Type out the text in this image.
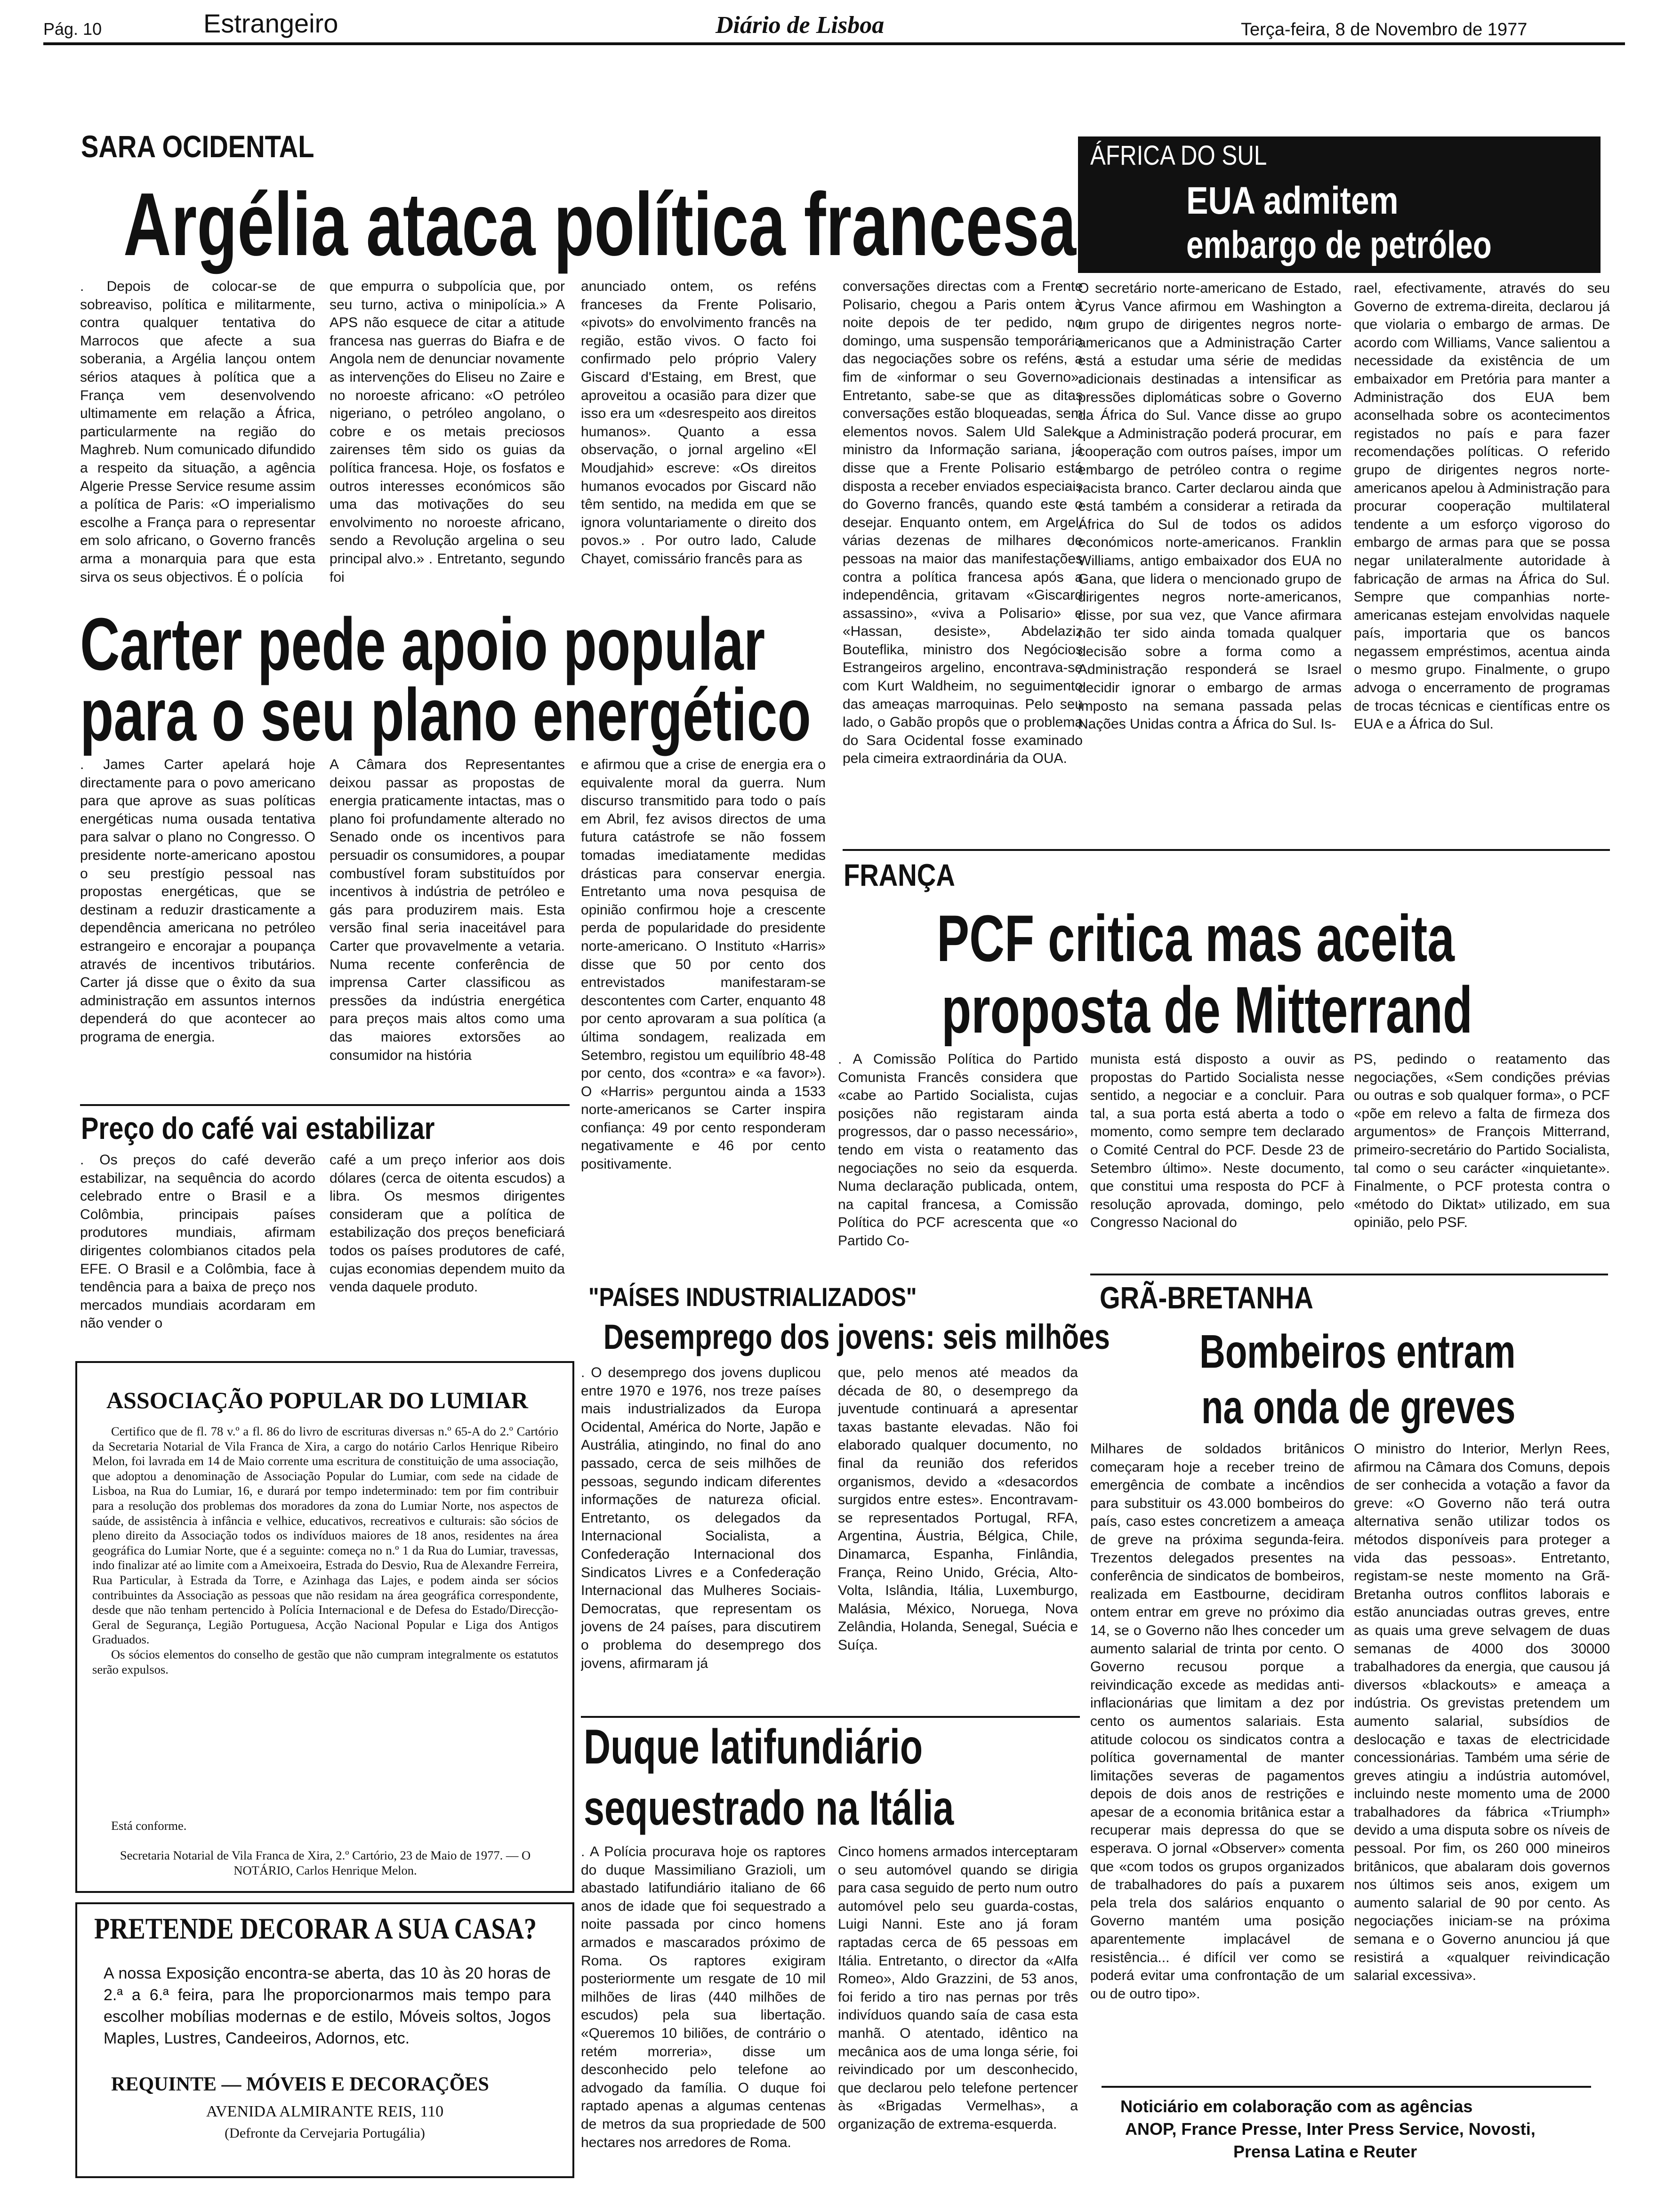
Pág. 10	Estrangeiro	Diário de Lisboa	Terça-feira, 8 de Novembro de 1977
SARA OCIDENTAL
Argélia ataca política francesa
. Depois de colocar-se de sobreaviso, política e militarmente, contra qualquer tentativa do Marrocos que afecte a sua soberania, a Argélia lançou ontem sérios ataques à política que a França vem desenvolvendo ultimamente em relação a África, particularmente na região do Maghreb. Num comunicado difundido a respeito da situação, a agência Algerie Presse Service resume assim a política de Paris: «O imperialismo escolhe a França para o representar em solo africano, o Governo francês arma a monarquia para que esta sirva os seus objectivos. É o polícia
que empurra o subpolícia que, por seu turno, activa o minipolícia.» A APS não esquece de citar a atitude francesa nas guerras do Biafra e de Angola nem de denunciar novamente as intervenções do Eliseu no Zaire e no noroeste africano: «O petróleo nigeriano, o petróleo angolano, o cobre e os metais preciosos zairenses têm sido os guias da política francesa. Hoje, os fosfatos e outros interesses económicos são uma das motivações do seu envolvimento no noroeste africano, sendo a Revolução argelina o seu principal alvo.» . Entretanto, segundo foi
anunciado ontem, os reféns franceses da Frente Polisario, «pivots» do envolvimento francês na região, estão vivos. O facto foi confirmado pelo próprio Valery Giscard d'Estaing, em Brest, que aproveitou a ocasião para dizer que isso era um «desrespeito aos direitos humanos». Quanto a essa observação, o jornal argelino «El Moudjahid» escreve: «Os direitos humanos evocados por Giscard não têm sentido, na medida em que se ignora voluntariamente o direito dos povos.» . Por outro lado, Calude Chayet, comissário francês para as
conversações directas com a Frente Polisario, chegou a Paris ontem à noite depois de ter pedido, no domingo, uma suspensão temporária das negociações sobre os reféns, a fim de «informar o seu Governo». Entretanto, sabe-se que as ditas conversações estão bloqueadas, sem elementos novos. Salem Uld Salek, ministro da Informação sariana, já disse que a Frente Polisario está disposta a receber enviados especiais do Governo francês, quando este o desejar. Enquanto ontem, em Argel, várias dezenas de milhares de pessoas na maior das manifestações contra a política francesa após a independência, gritavam «Giscard assassino», «viva a Polisario» e «Hassan, desiste», Abdelaziz Bouteflika, ministro dos Negócios Estrangeiros argelino, encontrava-se com Kurt Waldheim, no seguimento das ameaças marroquinas. Pelo seu lado, o Gabão propôs que o problema do Sara Ocidental fosse examinado pela cimeira extraordinária da OUA.
ÁFRICA DO SUL
EUA admitem
embargo de petróleo
O secretário norte-americano de Estado, Cyrus Vance afirmou em Washington a um grupo de dirigentes negros norte-americanos que a Administração Carter está a estudar uma série de medidas adicionais destinadas a intensificar as pressões diplomáticas sobre o Governo da África do Sul. Vance disse ao grupo que a Administração poderá procurar, em cooperação com outros países, impor um embargo de petróleo contra o regime racista branco. Carter declarou ainda que está também a considerar a retirada da África do Sul de todos os adidos económicos norte-americanos. Franklin Williams, antigo embaixador dos EUA no Gana, que lidera o mencionado grupo de dirigentes negros norte-americanos, disse, por sua vez, que Vance afirmara não ter sido ainda tomada qualquer decisão sobre a forma como a Administração responderá se Israel decidir ignorar o embargo de armas imposto na semana passada pelas Nações Unidas contra a África do Sul. Is-
rael, efectivamente, através do seu Governo de extrema-direita, declarou já que violaria o embargo de armas. De acordo com Williams, Vance salientou a necessidade da existência de um embaixador em Pretória para manter a Administração dos EUA bem aconselhada sobre os acontecimentos registados no país e para fazer recomendações políticas. O referido grupo de dirigentes negros norte-americanos apelou à Administração para procurar cooperação multilateral tendente a um esforço vigoroso do embargo de armas para que se possa negar unilateralmente autoridade à fabricação de armas na África do Sul. Sempre que companhias norte-americanas estejam envolvidas naquele país, importaria que os bancos negassem empréstimos, acentua ainda o mesmo grupo. Finalmente, o grupo advoga o encerramento de programas de trocas técnicas e científicas entre os EUA e a África do Sul.
Carter pede apoio popular
para o seu plano energético
. James Carter apelará hoje directamente para o povo americano para que aprove as suas políticas energéticas numa ousada tentativa para salvar o plano no Congresso. O presidente norte-americano apostou o seu prestígio pessoal nas propostas energéticas, que se destinam a reduzir drasticamente a dependência americana no petróleo estrangeiro e encorajar a poupança através de incentivos tributários. Carter já disse que o êxito da sua administração em assuntos internos dependerá do que acontecer ao programa de energia.
A Câmara dos Representantes deixou passar as propostas de energia praticamente intactas, mas o plano foi profundamente alterado no Senado onde os incentivos para persuadir os consumidores, a poupar combustível foram substituídos por incentivos à indústria de petróleo e gás para produzirem mais. Esta versão final seria inaceitável para Carter que provavelmente a vetaria. Numa recente conferência de imprensa Carter classificou as pressões da indústria energética para preços mais altos como uma das maiores extorsões ao consumidor na história
e afirmou que a crise de energia era o equivalente moral da guerra. Num discurso transmitido para todo o país em Abril, fez avisos directos de uma futura catástrofe se não fossem tomadas imediatamente medidas drásticas para conservar energia. Entretanto uma nova pesquisa de opinião confirmou hoje a crescente perda de popularidade do presidente norte-americano. O Instituto «Harris» disse que 50 por cento dos entrevistados manifestaram-se descontentes com Carter, enquanto 48 por cento aprovaram a sua política (a última sondagem, realizada em Setembro, registou um equilíbrio 48-48 por cento, dos «contra» e «a favor»). O «Harris» perguntou ainda a 1533 norte-americanos se Carter inspira confiança: 49 por cento responderam negativamente e 46 por cento positivamente.
Preço do café vai estabilizar
. Os preços do café deverão estabilizar, na sequência do acordo celebrado entre o Brasil e a Colômbia, principais países produtores mundiais, afirmam dirigentes colombianos citados pela EFE. O Brasil e a Colômbia, face à tendência para a baixa de preço nos mercados mundiais acordaram em não vender o
café a um preço inferior aos dois dólares (cerca de oitenta escudos) a libra. Os mesmos dirigentes consideram que a política de estabilização dos preços beneficiará todos os países produtores de café, cujas economias dependem muito da venda daquele produto.
FRANÇA
PCF critica mas aceita
proposta de Mitterrand
. A Comissão Política do Partido Comunista Francês considera que «cabe ao Partido Socialista, cujas posições não registaram ainda progressos, dar o passo necessário», tendo em vista o reatamento das negociações no seio da esquerda. Numa declaração publicada, ontem, na capital francesa, a Comissão Política do PCF acrescenta que «o Partido Co-
munista está disposto a ouvir as propostas do Partido Socialista nesse sentido, a negociar e a concluir. Para tal, a sua porta está aberta a todo o momento, como sempre tem declarado o Comité Central do PCF. Desde 23 de Setembro último». Neste documento, que constitui uma resposta do PCF à resolução aprovada, domingo, pelo Congresso Nacional do
PS, pedindo o reatamento das negociações, «Sem condições prévias ou outras e sob qualquer forma», o PCF «põe em relevo a falta de firmeza dos argumentos» de François Mitterrand, primeiro-secretário do Partido Socialista, tal como o seu carácter «inquietante». Finalmente, o PCF protesta contra o «método do Diktat» utilizado, em sua opinião, pelo PSF.
ASSOCIAÇÃO POPULAR DO LUMIAR
Certifico que de fl. 78 v.º a fl. 86 do livro de escrituras diversas n.º 65-A do 2.º Cartório da Secretaria Notarial de Vila Franca de Xira, a cargo do notário Carlos Henrique Ribeiro Melon, foi lavrada em 14 de Maio corrente uma escritura de constituição de uma associação, que adoptou a denominação de Associação Popular do Lumiar, com sede na cidade de Lisboa, na Rua do Lumiar, 16, e durará por tempo indeterminado: tem por fim contribuir para a resolução dos problemas dos moradores da zona do Lumiar Norte, nos aspectos de saúde, de assistência à infância e velhice, educativos, recreativos e culturais: são sócios de pleno direito da Associação todos os indivíduos maiores de 18 anos, residentes na área geográfica do Lumiar Norte, que é a seguinte: começa no n.º 1 da Rua do Lumiar, travessas, indo finalizar até ao limite com a Ameixoeira, Estrada do Desvio, Rua de Alexandre Ferreira, Rua Particular, à Estrada da Torre, e Azinhaga das Lajes, e podem ainda ser sócios contribuintes da Associação as pessoas que não residam na área geográfica correspondente, desde que não tenham pertencido à Polícia Internacional e de Defesa do Estado/Direcção-Geral de Segurança, Legião Portuguesa, Acção Nacional Popular e Liga dos Antigos Graduados.
Os sócios elementos do conselho de gestão que não cumpram integralmente os estatutos serão expulsos.
Está conforme.
Secretaria Notarial de Vila Franca de Xira, 2.º Cartório, 23 de Maio de 1977. — O NOTÁRIO, Carlos Henrique Melon.
PRETENDE DECORAR A SUA CASA?
A nossa Exposição encontra-se aberta, das 10 às 20 horas de 2.ª a 6.ª feira, para lhe proporcionarmos mais tempo para escolher mobílias modernas e de estilo, Móveis soltos, Jogos Maples, Lustres, Candeeiros, Adornos, etc.
REQUINTE — MÓVEIS E DECORAÇÕES
AVENIDA ALMIRANTE REIS, 110
(Defronte da Cervejaria Portugália)
"PAÍSES INDUSTRIALIZADOS"
Desemprego dos jovens: seis milhões
. O desemprego dos jovens duplicou entre 1970 e 1976, nos treze países mais industrializados da Europa Ocidental, América do Norte, Japão e Austrália, atingindo, no final do ano passado, cerca de seis milhões de pessoas, segundo indicam diferentes informações de natureza oficial. Entretanto, os delegados da Internacional Socialista, a Confederação Internacional dos Sindicatos Livres e a Confederação Internacional das Mulheres Sociais-Democratas, que representam os jovens de 24 países, para discutirem o problema do desemprego dos jovens, afirmaram já
que, pelo menos até meados da década de 80, o desemprego da juventude continuará a apresentar taxas bastante elevadas. Não foi elaborado qualquer documento, no final da reunião dos referidos organismos, devido a «desacordos surgidos entre estes». Encontravam-se representados Portugal, RFA, Argentina, Áustria, Bélgica, Chile, Dinamarca, Espanha, Finlândia, França, Reino Unido, Grécia, Alto-Volta, Islândia, Itália, Luxemburgo, Malásia, México, Noruega, Nova Zelândia, Holanda, Senegal, Suécia e Suíça.
GRÃ-BRETANHA
Bombeiros entram
na onda de greves
Milhares de soldados britânicos começaram hoje a receber treino de emergência de combate a incêndios para substituir os 43.000 bombeiros do país, caso estes concretizem a ameaça de greve na próxima segunda-feira. Trezentos delegados presentes na conferência de sindicatos de bombeiros, realizada em Eastbourne, decidiram ontem entrar em greve no próximo dia 14, se o Governo não lhes conceder um aumento salarial de trinta por cento. O Governo recusou porque a reivindicação excede as medidas anti-inflacionárias que limitam a dez por cento os aumentos salariais. Esta atitude colocou os sindicatos contra a política governamental de manter limitações severas de pagamentos depois de dois anos de restrições e apesar de a economia britânica estar a recuperar mais depressa do que se esperava. O jornal «Observer» comenta que «com todos os grupos organizados de trabalhadores do país a puxarem pela trela dos salários enquanto o Governo mantém uma posição aparentemente implacável de resistência... é difícil ver como se poderá evitar uma confrontação de um ou de outro tipo».
O ministro do Interior, Merlyn Rees, afirmou na Câmara dos Comuns, depois de ser conhecida a votação a favor da greve: «O Governo não terá outra alternativa senão utilizar todos os métodos disponíveis para proteger a vida das pessoas». Entretanto, registam-se neste momento na Grã-Bretanha outros conflitos laborais e estão anunciadas outras greves, entre as quais uma greve selvagem de duas semanas de 4000 dos 30000 trabalhadores da energia, que causou já diversos «blackouts» e ameaça a indústria. Os grevistas pretendem um aumento salarial, subsídios de deslocação e taxas de electricidade concessionárias. Também uma série de greves atingiu a indústria automóvel, incluindo neste momento uma de 2000 trabalhadores da fábrica «Triumph» devido a uma disputa sobre os níveis de pessoal. Por fim, os 260 000 mineiros britânicos, que abalaram dois governos nos últimos seis anos, exigem um aumento salarial de 90 por cento. As negociações iniciam-se na próxima semana e o Governo anunciou já que resistirá a «qualquer reivindicação salarial excessiva».
Noticiário em colaboração com as agências
ANOP, France Presse, Inter Press Service, Novosti,
Prensa Latina e Reuter
Duque latifundiário
sequestrado na Itália
. A Polícia procurava hoje os raptores do duque Massimiliano Grazioli, um abastado latifundiário italiano de 66 anos de idade que foi sequestrado a noite passada por cinco homens armados e mascarados próximo de Roma. Os raptores exigiram posteriormente um resgate de 10 mil milhões de liras (440 milhões de escudos) pela sua libertação. «Queremos 10 biliões, de contrário o retém morreria», disse um desconhecido pelo telefone ao advogado da família. O duque foi raptado apenas a algumas centenas de metros da sua propriedade de 500 hectares nos arredores de Roma.
Cinco homens armados interceptaram o seu automóvel quando se dirigia para casa seguido de perto num outro automóvel pelo seu guarda-costas, Luigi Nanni. Este ano já foram raptadas cerca de 65 pessoas em Itália. Entretanto, o director da «Alfa Romeo», Aldo Grazzini, de 53 anos, foi ferido a tiro nas pernas por três indivíduos quando saía de casa esta manhã. O atentado, idêntico na mecânica aos de uma longa série, foi reivindicado por um desconhecido, que declarou pelo telefone pertencer às «Brigadas Vermelhas», a organização de extrema-esquerda.
